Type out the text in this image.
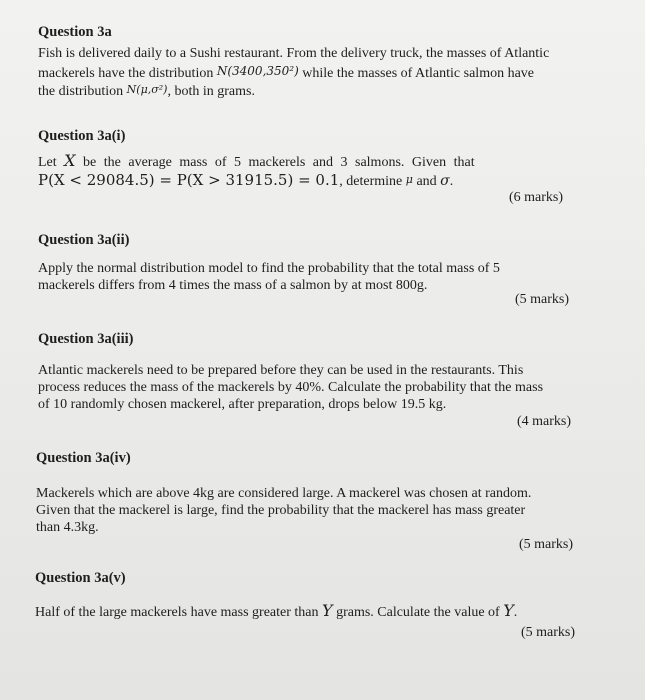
Question 3a
Fish is delivered daily to a Sushi restaurant. From the delivery truck, the masses of Atlantic
mackerels have the distribution N(3400,350²) while the masses of Atlantic salmon have
the distribution N(μ,σ²), both in grams.
Question 3a(i)
Let X be the average mass of 5 mackerels and 3 salmons. Given that
P(X < 29084.5) = P(X > 31915.5) = 0.1, determine μ and σ.
(6 marks)
Question 3a(ii)
Apply the normal distribution model to find the probability that the total mass of 5
mackerels differs from 4 times the mass of a salmon by at most 800g.
(5 marks)
Question 3a(iii)
Atlantic mackerels need to be prepared before they can be used in the restaurants. This
process reduces the mass of the mackerels by 40%. Calculate the probability that the mass
of 10 randomly chosen mackerel, after preparation, drops below 19.5 kg.
(4 marks)
Question 3a(iv)
Mackerels which are above 4kg are considered large. A mackerel was chosen at random.
Given that the mackerel is large, find the probability that the mackerel has mass greater
than 4.3kg.
(5 marks)
Question 3a(v)
Half of the large mackerels have mass greater than Y grams. Calculate the value of Y.
(5 marks)
